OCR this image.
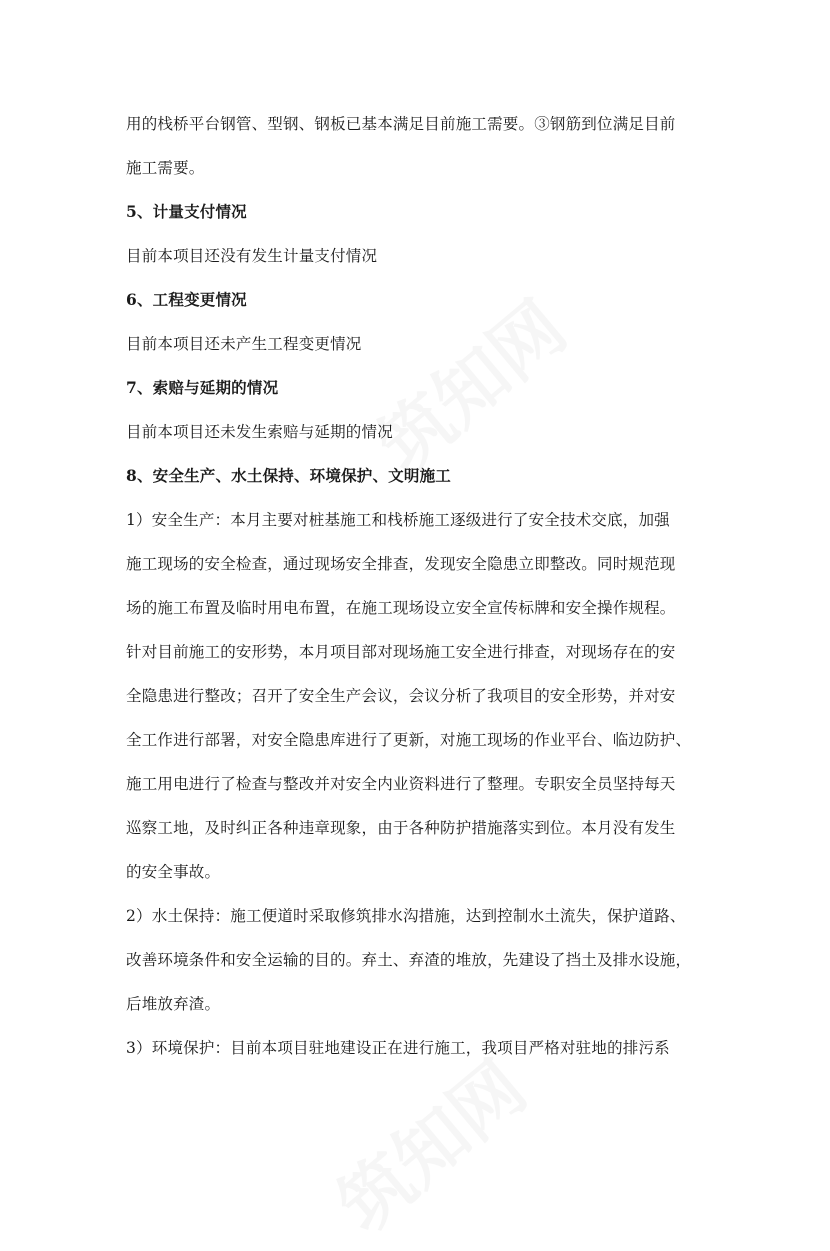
用的栈桥平台钢管、型钢、钢板已基本满足目前施工需要。③钢筋到位满足目前
施工需要。
5、计量支付情况
目前本项目还没有发生计量支付情况
6、工程变更情况
目前本项目还未产生工程变更情况
7、索赔与延期的情况
目前本项目还未发生索赔与延期的情况
8、安全生产、水土保持、环境保护、文明施工
1）安全生产：本月主要对桩基施工和栈桥施工逐级进行了安全技术交底，加强
施工现场的安全检查，通过现场安全排查，发现安全隐患立即整改。同时规范现
场的施工布置及临时用电布置，在施工现场设立安全宣传标牌和安全操作规程。
针对目前施工的安形势，本月项目部对现场施工安全进行排查，对现场存在的安
全隐患进行整改；召开了安全生产会议，会议分析了我项目的安全形势，并对安
全工作进行部署，对安全隐患库进行了更新，对施工现场的作业平台、临边防护、
施工用电进行了检查与整改并对安全内业资料进行了整理。专职安全员坚持每天
巡察工地，及时纠正各种违章现象，由于各种防护措施落实到位。本月没有发生
的安全事故。
2）水土保持：施工便道时采取修筑排水沟措施，达到控制水土流失，保护道路、
改善环境条件和安全运输的目的。弃土、弃渣的堆放，先建设了挡土及排水设施，
后堆放弃渣。
3）环境保护：目前本项目驻地建设正在进行施工，我项目严格对驻地的排污系
